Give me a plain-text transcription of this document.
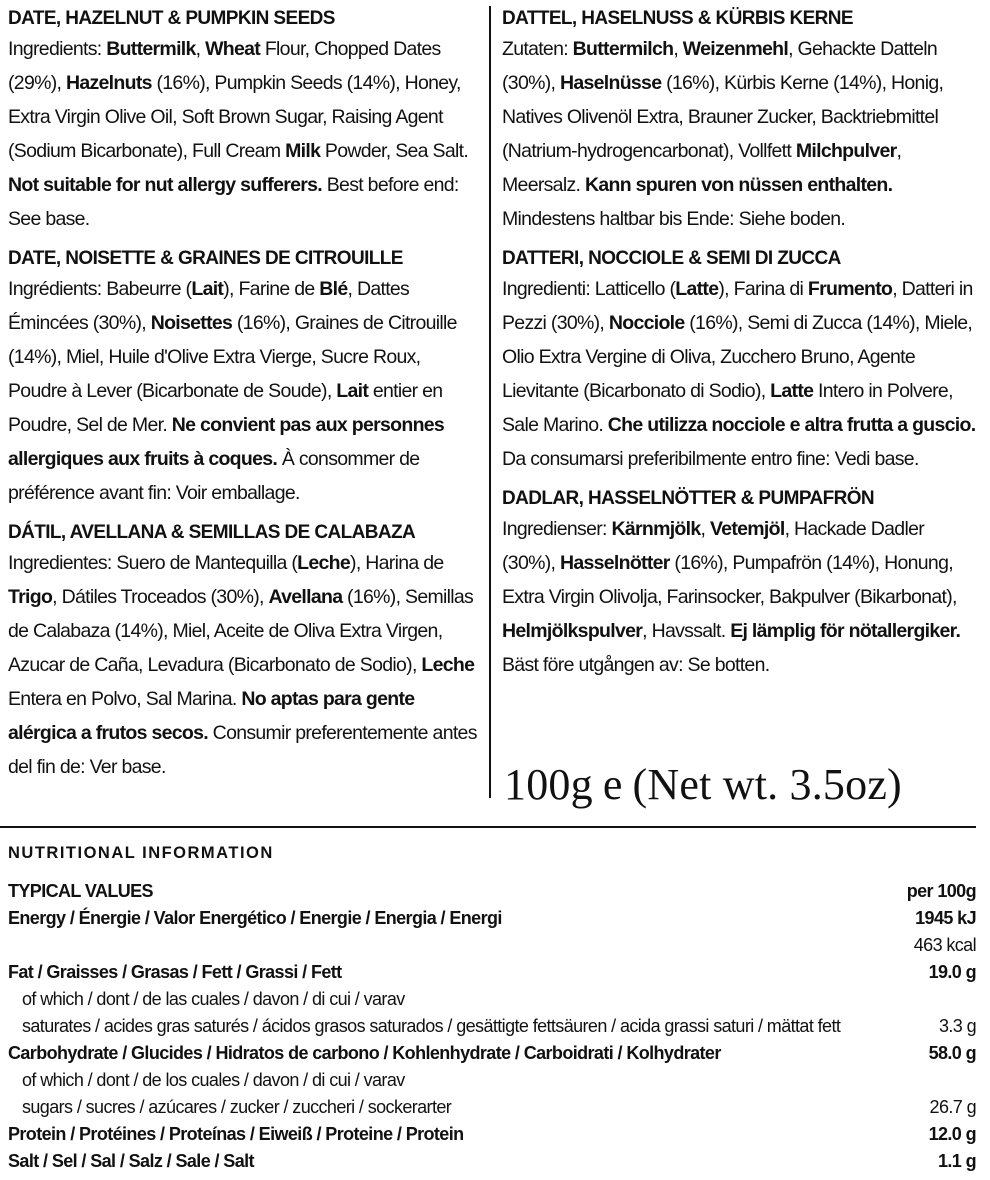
DATE, HAZELNUT & PUMPKIN SEEDS
Ingredients: Buttermilk, Wheat Flour, Chopped Dates (29%), Hazelnuts (16%), Pumpkin Seeds (14%), Honey, Extra Virgin Olive Oil, Soft Brown Sugar, Raising Agent (Sodium Bicarbonate), Full Cream Milk Powder, Sea Salt. Not suitable for nut allergy sufferers. Best before end: See base.
DATE, NOISETTE & GRAINES DE CITROUILLE
Ingrédients: Babeurre (Lait), Farine de Blé, Dattes Émincées (30%), Noisettes (16%), Graines de Citrouille (14%), Miel, Huile d'Olive Extra Vierge, Sucre Roux, Poudre à Lever (Bicarbonate de Soude), Lait entier en Poudre, Sel de Mer. Ne convient pas aux personnes allergiques aux fruits à coques. À consommer de préférence avant fin: Voir emballage.
DÁTIL, AVELLANA & SEMILLAS DE CALABAZA
Ingredientes: Suero de Mantequilla (Leche), Harina de Trigo, Dátiles Troceados (30%), Avellana (16%), Semillas de Calabaza (14%), Miel, Aceite de Oliva Extra Virgen, Azucar de Caña, Levadura (Bicarbonato de Sodio), Leche Entera en Polvo, Sal Marina. No aptas para gente alérgica a frutos secos. Consumir preferentemente antes del fin de: Ver base.
DATTEL, HASELNUSS & KÜRBIS KERNE
Zutaten: Buttermilch, Weizenmehl, Gehackte Datteln (30%), Haselnüsse (16%), Kürbis Kerne (14%), Honig, Natives Olivenöl Extra, Brauner Zucker, Backtriebmittel (Natrium-hydrogencarbonat), Vollfett Milchpulver, Meersalz. Kann spuren von nüssen enthalten. Mindestens haltbar bis Ende: Siehe boden.
DATTERI, NOCCIOLE & SEMI DI ZUCCA
Ingredienti: Latticello (Latte), Farina di Frumento, Datteri in Pezzi (30%), Nocciole (16%), Semi di Zucca (14%), Miele, Olio Extra Vergine di Oliva, Zucchero Bruno, Agente Lievitante (Bicarbonato di Sodio), Latte Intero in Polvere, Sale Marino. Che utilizza nocciole e altra frutta a guscio. Da consumarsi preferibilmente entro fine: Vedi base.
DADLAR, HASSELNÖTTER & PUMPAFRÖN
Ingredienser: Kärnmjölk, Vetemjöl, Hackade Dadler (30%), Hasselnötter (16%), Pumpafrön (14%), Honung, Extra Virgin Olivolja, Farinsocker, Bakpulver (Bikarbonat), Helmjölkspulver, Havssalt. Ej lämplig för nötallergiker. Bäst före utgången av: Se botten.
100g e (Net wt. 3.5oz)
NUTRITIONAL INFORMATION
TYPICAL VALUES	per 100g
Energy / Énergie / Valor Energético / Energie / Energia / Energi	1945 kJ
463 kcal
Fat / Graisses / Grasas / Fett / Grassi / Fett	19.0 g
of which / dont / de las cuales / davon / di cui / varav
saturates / acides gras saturés / ácidos grasos saturados / gesättigte fettsäuren / acida grassi saturi / mättat fett	3.3 g
Carbohydrate / Glucides / Hidratos de carbono / Kohlenhydrate / Carboidrati / Kolhydrater	58.0 g
of which / dont / de los cuales / davon / di cui / varav
sugars / sucres / azúcares / zucker / zuccheri / sockerarter	26.7 g
Protein / Protéines / Proteínas / Eiweiß / Proteine / Protein	12.0 g
Salt / Sel / Sal / Salz / Sale / Salt	1.1 g
